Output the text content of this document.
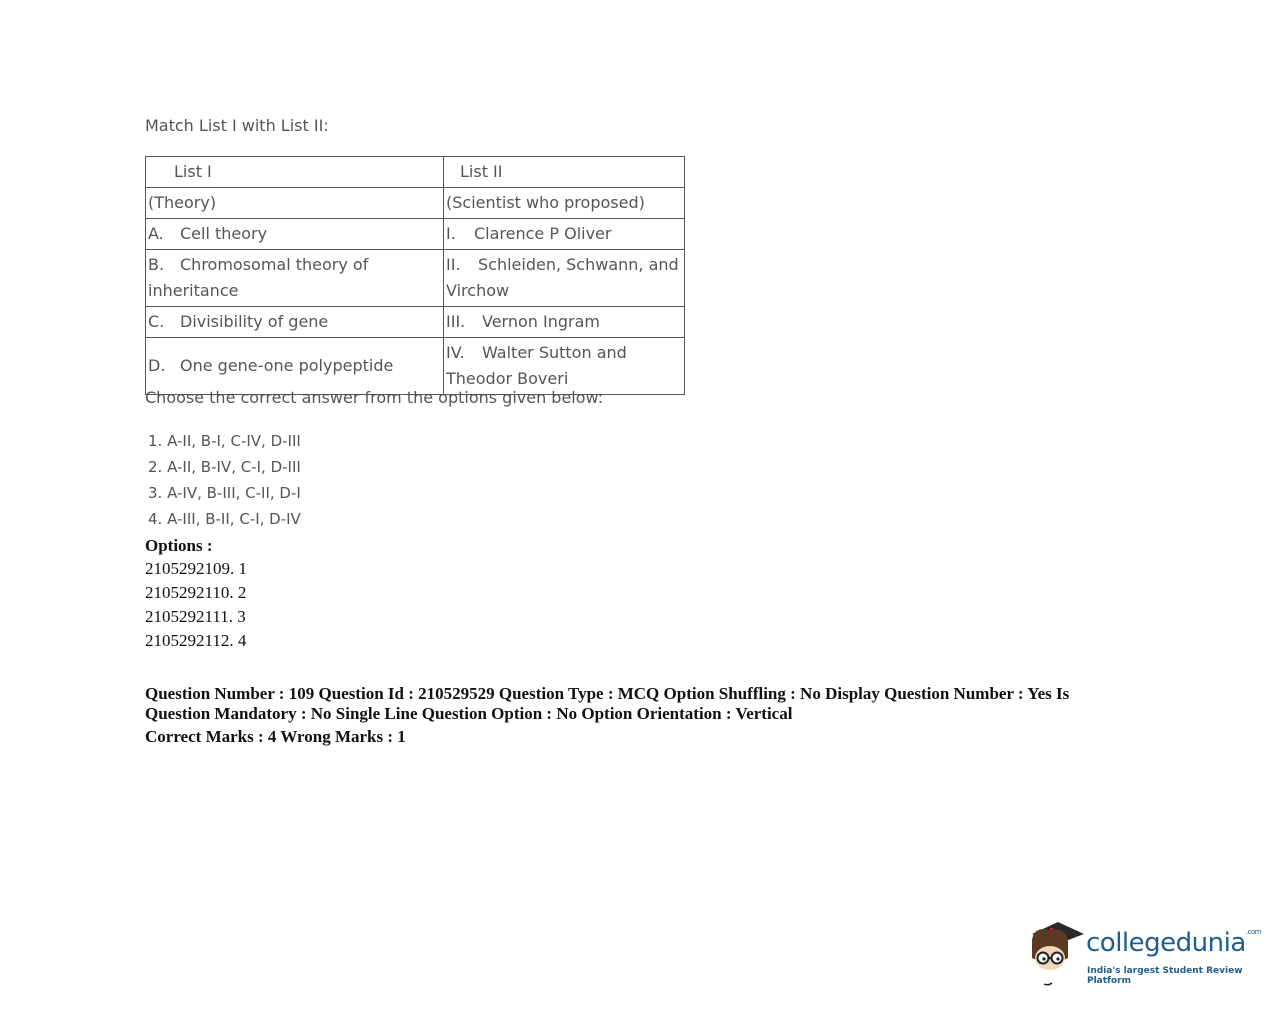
Match List I with List II:
List I	List II
(Theory)	(Scientist who proposed)
A. Cell theory	I. Clarence P Oliver
B. Chromosomal theory of inheritance	II. Schleiden, Schwann, and Virchow
C. Divisibility of gene	III. Vernon Ingram
D. One gene-one polypeptide	IV. Walter Sutton and Theodor Boveri
Choose the correct answer from the options given below:
1. A-II, B-I, C-IV, D-III
2. A-II, B-IV, C-I, D-III
3. A-IV, B-III, C-II, D-I
4. A-III, B-II, C-I, D-IV
Options :
2105292109. 1
2105292110. 2
2105292111. 3
2105292112. 4
Question Number : 109 Question Id : 210529529 Question Type : MCQ Option Shuffling : No Display Question Number : Yes Is Question Mandatory : No Single Line Question Option : No Option Orientation : Vertical
Correct Marks : 4 Wrong Marks : 1
collegedunia$^{.com}$
India's largest Student Review Platform
